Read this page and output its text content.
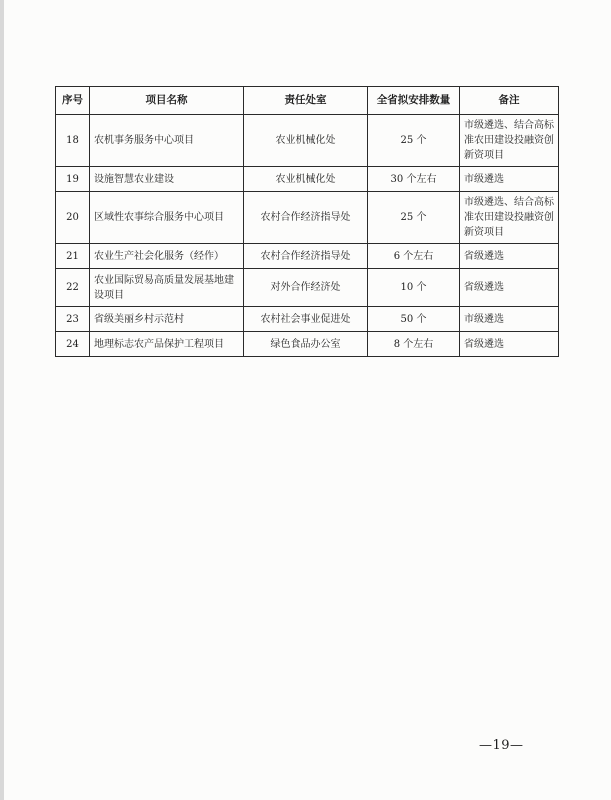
序号	项目名称	责任处室	全省拟安排数量	备注
18	农机事务服务中心项目	农业机械化处	25 个	市级遴选、结合高标准农田建设投融资创新资项目
19	设施智慧农业建设	农业机械化处	30 个左右	市级遴选
20	区域性农事综合服务中心项目	农村合作经济指导处	25 个	市级遴选、结合高标准农田建设投融资创新资项目
21	农业生产社会化服务（经作）	农村合作经济指导处	6 个左右	省级遴选
22	农业国际贸易高质量发展基地建设项目	对外合作经济处	10 个	省级遴选
23	省级美丽乡村示范村	农村社会事业促进处	50 个	市级遴选
24	地理标志农产品保护工程项目	绿色食品办公室	8 个左右	省级遴选
—19—
